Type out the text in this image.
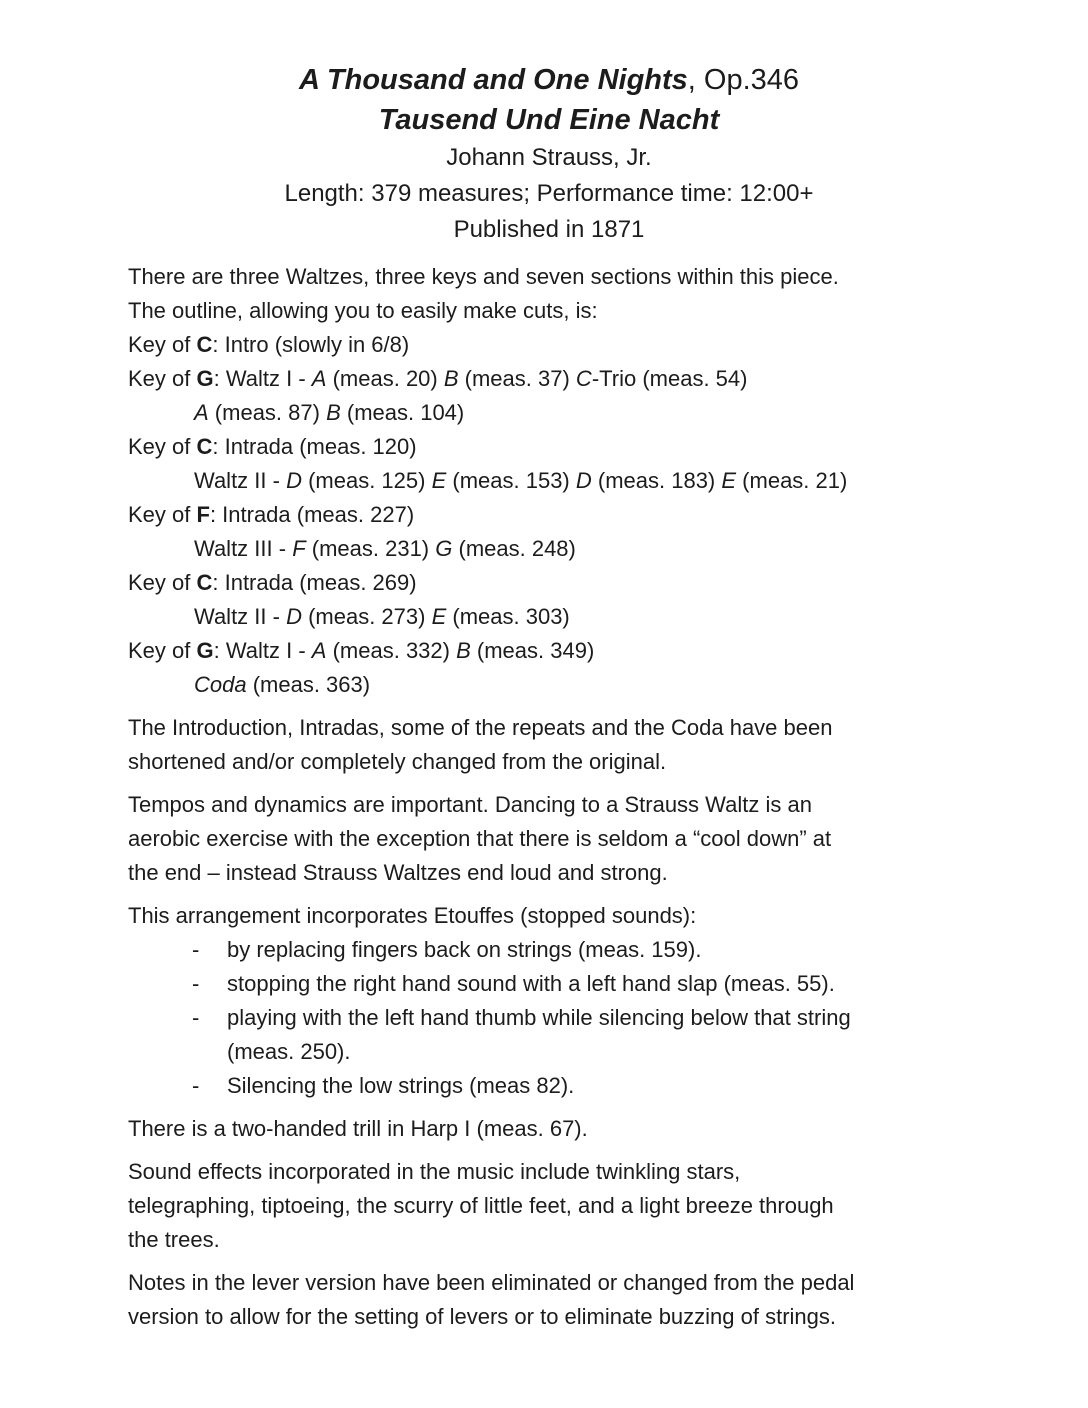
A Thousand and One Nights, Op.346
Tausend Und Eine Nacht

Johann Strauss, Jr.

Length: 379 measures; Performance time: 12:00+

Published in 1871

There are three Waltzes, three keys and seven sections within this piece.
The outline, allowing you to easily make cuts, is:

Key of C: Intro (slowly in 6/8)
Key of G: Waltz I - A (meas. 20) B (meas. 37) C-Trio (meas. 54)
A (meas. 87) B (meas. 104)
Key of C: Intrada (meas. 120)
Waltz II - D (meas. 125) E (meas. 153) D (meas. 183) E (meas. 21)
Key of F: Intrada (meas. 227)
Waltz III - F (meas. 231) G (meas. 248)
Key of C: Intrada (meas. 269)
Waltz II - D (meas. 273) E (meas. 303)
Key of G: Waltz I - A (meas. 332) B (meas. 349)
Coda (meas. 363)

The Introduction, Intradas, some of the repeats and the Coda have been
shortened and/or completely changed from the original.

Tempos and dynamics are important. Dancing to a Strauss Waltz is an
aerobic exercise with the exception that there is seldom a “cool down” at
the end – instead Strauss Waltzes end loud and strong.

This arrangement incorporates Etouffes (stopped sounds):
-	by replacing fingers back on strings (meas. 159).
-	stopping the right hand sound with a left hand slap (meas. 55).
-	playing with the left hand thumb while silencing below that string
(meas. 250).
-	Silencing the low strings (meas 82).

There is a two-handed trill in Harp I (meas. 67).

Sound effects incorporated in the music include twinkling stars,
telegraphing, tiptoeing, the scurry of little feet, and a light breeze through
the trees.

Notes in the lever version have been eliminated or changed from the pedal
version to allow for the setting of levers or to eliminate buzzing of strings.
